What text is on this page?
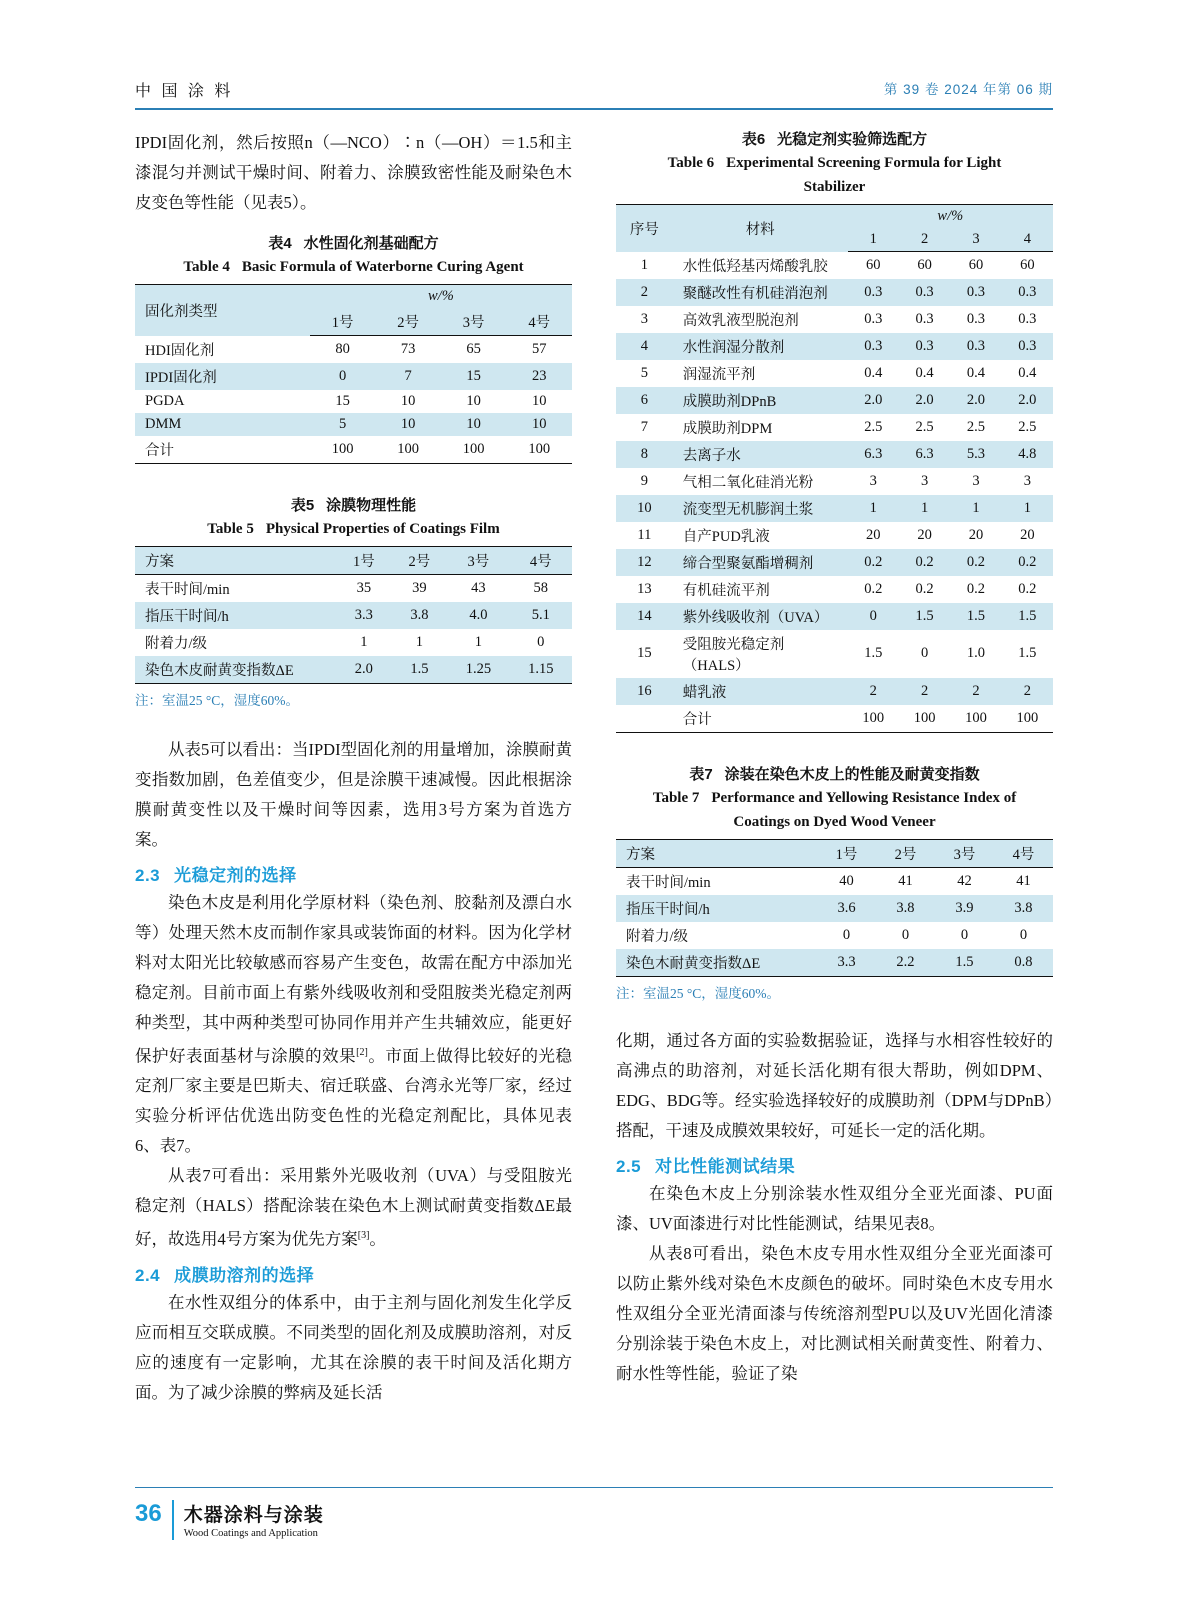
中 国 涂 料	第 39 卷 2024 年第 06 期

IPDI固化剂，然后按照n（—NCO）∶n（—OH）＝1.5和主漆混匀并测试干燥时间、附着力、涂膜致密性能及耐染色木皮变色等性能（见表5）。

表4 水性固化剂基础配方
Table 4 Basic Formula of Waterborne Curing Agent
固化剂类型	w/%			
	1号	2号	3号	4号
HDI固化剂	80	73	65	57
IPDI固化剂	0	7	15	23
PGDA	15	10	10	10
DMM	5	10	10	10
合计	100	100	100	100
表5 涂膜物理性能
Table 5 Physical Properties of Coatings Film
方案	1号	2号	3号	4号
表干时间/min	35	39	43	58
指压干时间/h	3.3	3.8	4.0	5.1
附着力/级	1	1	1	0
染色木皮耐黄变指数ΔE	2.0	1.5	1.25	1.15
注：室温25 °C，湿度60%。

从表5可以看出：当IPDI型固化剂的用量增加，涂膜耐黄变指数加剧，色差值变少，但是涂膜干速减慢。因此根据涂膜耐黄变性以及干燥时间等因素，选用3号方案为首选方案。

2.3 光稳定剂的选择

染色木皮是利用化学原材料（染色剂、胶黏剂及漂白水等）处理天然木皮而制作家具或装饰面的材料。因为化学材料对太阳光比较敏感而容易产生变色，故需在配方中添加光稳定剂。目前市面上有紫外线吸收剂和受阻胺类光稳定剂两种类型，其中两种类型可协同作用并产生共辅效应，能更好保护好表面基材与涂膜的效果[2]。市面上做得比较好的光稳定剂厂家主要是巴斯夫、宿迁联盛、台湾永光等厂家，经过实验分析评估优选出防变色性的光稳定剂配比，具体见表6、表7。

从表7可看出：采用紫外光吸收剂（UVA）与受阻胺光稳定剂（HALS）搭配涂装在染色木上测试耐黄变指数ΔE最好，故选用4号方案为优先方案[3]。

2.4 成膜助溶剂的选择

在水性双组分的体系中，由于主剂与固化剂发生化学反应而相互交联成膜。不同类型的固化剂及成膜助溶剂，对反应的速度有一定影响，尤其在涂膜的表干时间及活化期方面。为了减少涂膜的弊病及延长活

表6 光稳定剂实验筛选配方
Table 6 Experimental Screening Formula for Light Stabilizer
序号	材料	w/%			
		1	2	3	4
1	水性低羟基丙烯酸乳胶	60	60	60	60
2	聚醚改性有机硅消泡剂	0.3	0.3	0.3	0.3
3	高效乳液型脱泡剂	0.3	0.3	0.3	0.3
4	水性润湿分散剂	0.3	0.3	0.3	0.3
5	润湿流平剂	0.4	0.4	0.4	0.4
6	成膜助剂DPnB	2.0	2.0	2.0	2.0
7	成膜助剂DPM	2.5	2.5	2.5	2.5
8	去离子水	6.3	6.3	5.3	4.8
9	气相二氧化硅消光粉	3	3	3	3
10	流变型无机膨润土浆	1	1	1	1
11	自产PUD乳液	20	20	20	20
12	缔合型聚氨酯增稠剂	0.2	0.2	0.2	0.2
13	有机硅流平剂	0.2	0.2	0.2	0.2
14	紫外线吸收剂（UVA）	0	1.5	1.5	1.5
15	受阻胺光稳定剂（HALS）	1.5	0	1.0	1.5
16	蜡乳液	2	2	2	2
	合计	100	100	100	100
表7 涂装在染色木皮上的性能及耐黄变指数
Table 7 Performance and Yellowing Resistance Index of Coatings on Dyed Wood Veneer
方案	1号	2号	3号	4号
表干时间/min	40	41	42	41
指压干时间/h	3.6	3.8	3.9	3.8
附着力/级	0	0	0	0
染色木耐黄变指数ΔE	3.3	2.2	1.5	0.8
注：室温25 °C，湿度60%。

化期，通过各方面的实验数据验证，选择与水相容性较好的高沸点的助溶剂，对延长活化期有很大帮助，例如DPM、EDG、BDG等。经实验选择较好的成膜助剂（DPM与DPnB）搭配，干速及成膜效果较好，可延长一定的活化期。

2.5 对比性能测试结果

在染色木皮上分别涂装水性双组分全亚光面漆、PU面漆、UV面漆进行对比性能测试，结果见表8。

从表8可看出，染色木皮专用水性双组分全亚光面漆可以防止紫外线对染色木皮颜色的破坏。同时染色木皮专用水性双组分全亚光清面漆与传统溶剂型PU以及UV光固化清漆分别涂装于染色木皮上，对比测试相关耐黄变性、附着力、耐水性等性能，验证了染

36 木器涂料与涂装
Wood Coatings and Application
